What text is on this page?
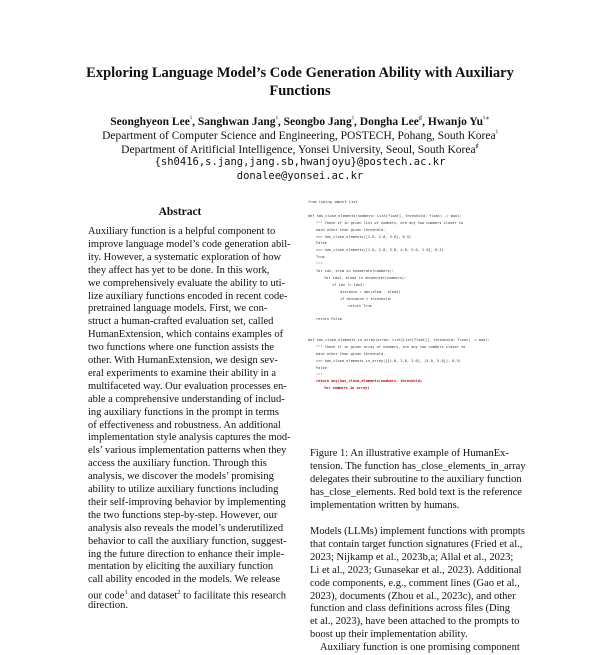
Exploring Language Model’s Code Generation Ability with Auxiliary
Functions
Seonghyeon Lee♮, Sanghwan Jang♮, Seongbo Jang♮, Dongha Lee♯, Hwanjo Yu♮∗
Department of Computer Science and Engineering, POSTECH, Pohang, South Korea♮
Department of Aritificial Intelligence, Yonsei University, Seoul, South Korea♯
{sh0416,s.jang,jang.sb,hwanjoyu}@postech.ac.kr
donalee@yonsei.ac.kr
Abstract
Auxiliary function is a helpful component to
improve language model’s code generation abil-
ity. However, a systematic exploration of how
they affect has yet to be done. In this work,
we comprehensively evaluate the ability to uti-
lize auxiliary functions encoded in recent code-
pretrained language models. First, we con-
struct a human-crafted evaluation set, called
HumanExtension, which contains examples of
two functions where one function assists the
other. With HumanExtension, we design sev-
eral experiments to examine their ability in a
multifaceted way. Our evaluation processes en-
able a comprehensive understanding of includ-
ing auxiliary functions in the prompt in terms
of effectiveness and robustness. An additional
implementation style analysis captures the mod-
els’ various implementation patterns when they
access the auxiliary function. Through this
analysis, we discover the models’ promising
ability to utilize auxiliary functions including
their self-improving behavior by implementing
the two functions step-by-step. However, our
analysis also reveals the model’s underutilized
behavior to call the auxiliary function, suggest-
ing the future direction to enhance their imple-
mentation by eliciting the auxiliary function
call ability encoded in the models. We release
our code$^1$ and dataset$^2$ to facilitate this research
direction.
from typing import List
def has_close_elements(numbers: List[float], threshold: float) -> bool:
""" Check if in given list of numbers, are any two numbers closer to
each other than given threshold.
>>> has_close_elements([1.0, 2.0, 3.0], 0.5)
False
>>> has_close_elements([1.0, 2.8, 3.0, 4.0, 5.0, 2.0], 0.3)
True
"""
for idx, elem in enumerate(numbers):
for idx2, elem2 in enumerate(numbers):
if idx != idx2:
distance = abs(elem - elem2)
if distance < threshold:
return True
return False
def has_close_elements_in_array(array: List[List[float]], threshold: float) -> bool:
""" Check if in given array of numbers, are any two numbers closer to
each other than given threshold.
>>> has_close_elements_in_array([[1.0, 2.0, 3.0], [4.0, 5.0]], 0.5)
False
"""
return any(has_close_elements(numbers, threshold)
for numbers in array)
Figure 1: An illustrative example of HumanEx-
tension. The function has_close_elements_in_array
delegates their subroutine to the auxiliary function
has_close_elements. Red bold text is the reference
implementation written by humans.
Models (LLMs) implement functions with prompts
that contain target function signatures (Fried et al.,
2023; Nijkamp et al., 2023b,a; Allal et al., 2023;
Li et al., 2023; Gunasekar et al., 2023). Additional
code components, e.g., comment lines (Gao et al.,
2023), documents (Zhou et al., 2023c), and other
function and class definitions across files (Ding
et al., 2023), have been attached to the prompts to
boost up their implementation ability.
Auxiliary function is one promising component
